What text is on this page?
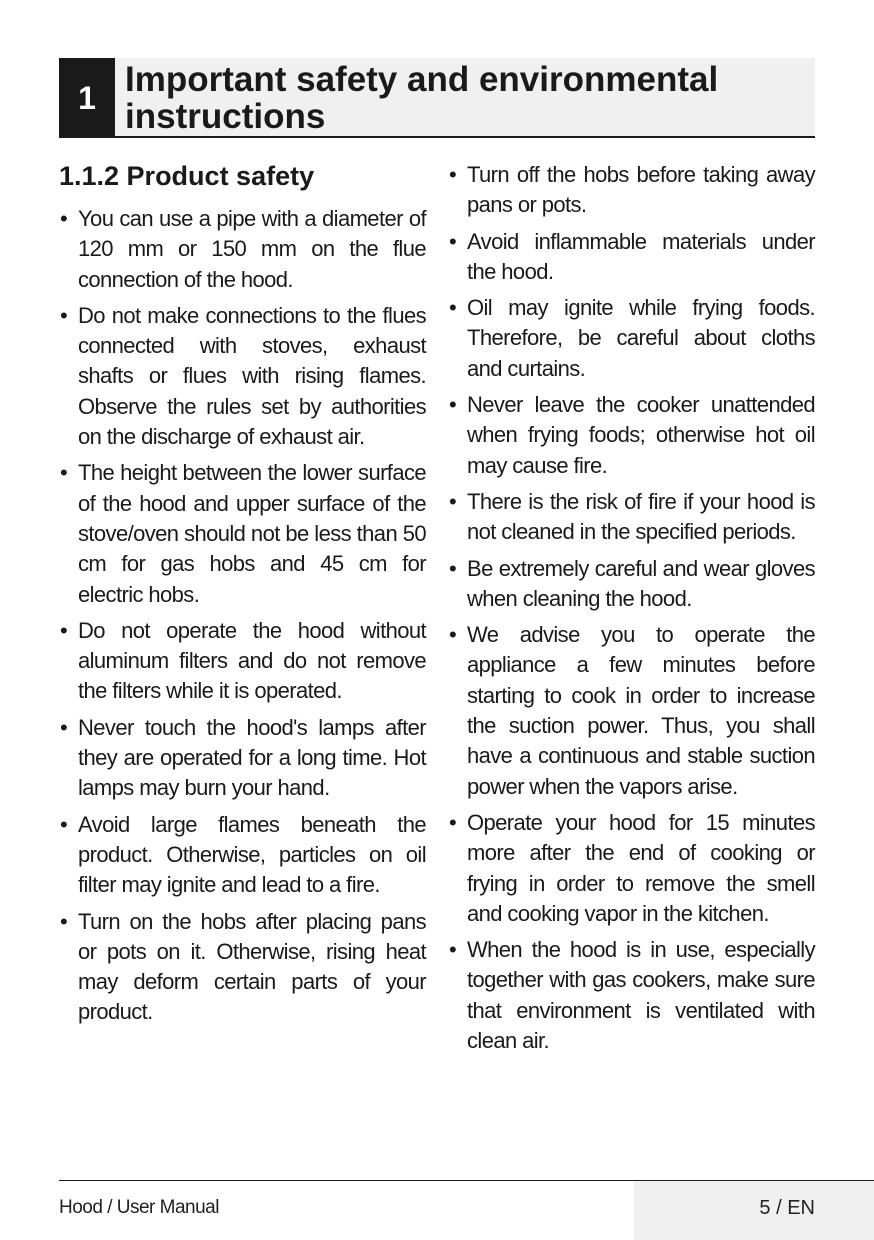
1 Important safety and environmental instructions
1.1.2 Product safety
• You can use a pipe with a diameter of 120 mm or 150 mm on the flue connection of the hood.
• Do not make connections to the flues connected with stoves, exhaust shafts or flues with rising flames. Observe the rules set by authorities on the discharge of exhaust air.
• The height between the lower surface of the hood and upper surface of the stove/oven should not be less than 50 cm for gas hobs and 45 cm for electric hobs.
• Do not operate the hood without aluminum filters and do not remove the filters while it is operated.
• Never touch the hood's lamps after they are operated for a long time. Hot lamps may burn your hand.
• Avoid large flames beneath the product. Otherwise, particles on oil filter may ignite and lead to a fire.
• Turn on the hobs after placing pans or pots on it. Otherwise, rising heat may deform certain parts of your product.
• Turn off the hobs before taking away pans or pots.
• Avoid inflammable materials under the hood.
• Oil may ignite while frying foods. Therefore, be careful about cloths and curtains.
• Never leave the cooker unattended when frying foods; otherwise hot oil may cause fire.
• There is the risk of fire if your hood is not cleaned in the specified periods.
• Be extremely careful and wear gloves when cleaning the hood.
• We advise you to operate the appliance a few minutes before starting to cook in order to increase the suction power. Thus, you shall have a continuous and stable suction power when the vapors arise.
• Operate your hood for 15 minutes more after the end of cooking or frying in order to remove the smell and cooking vapor in the kitchen.
• When the hood is in use, especially together with gas cookers, make sure that environment is ventilated with clean air.
Hood / User Manual	5 / EN
